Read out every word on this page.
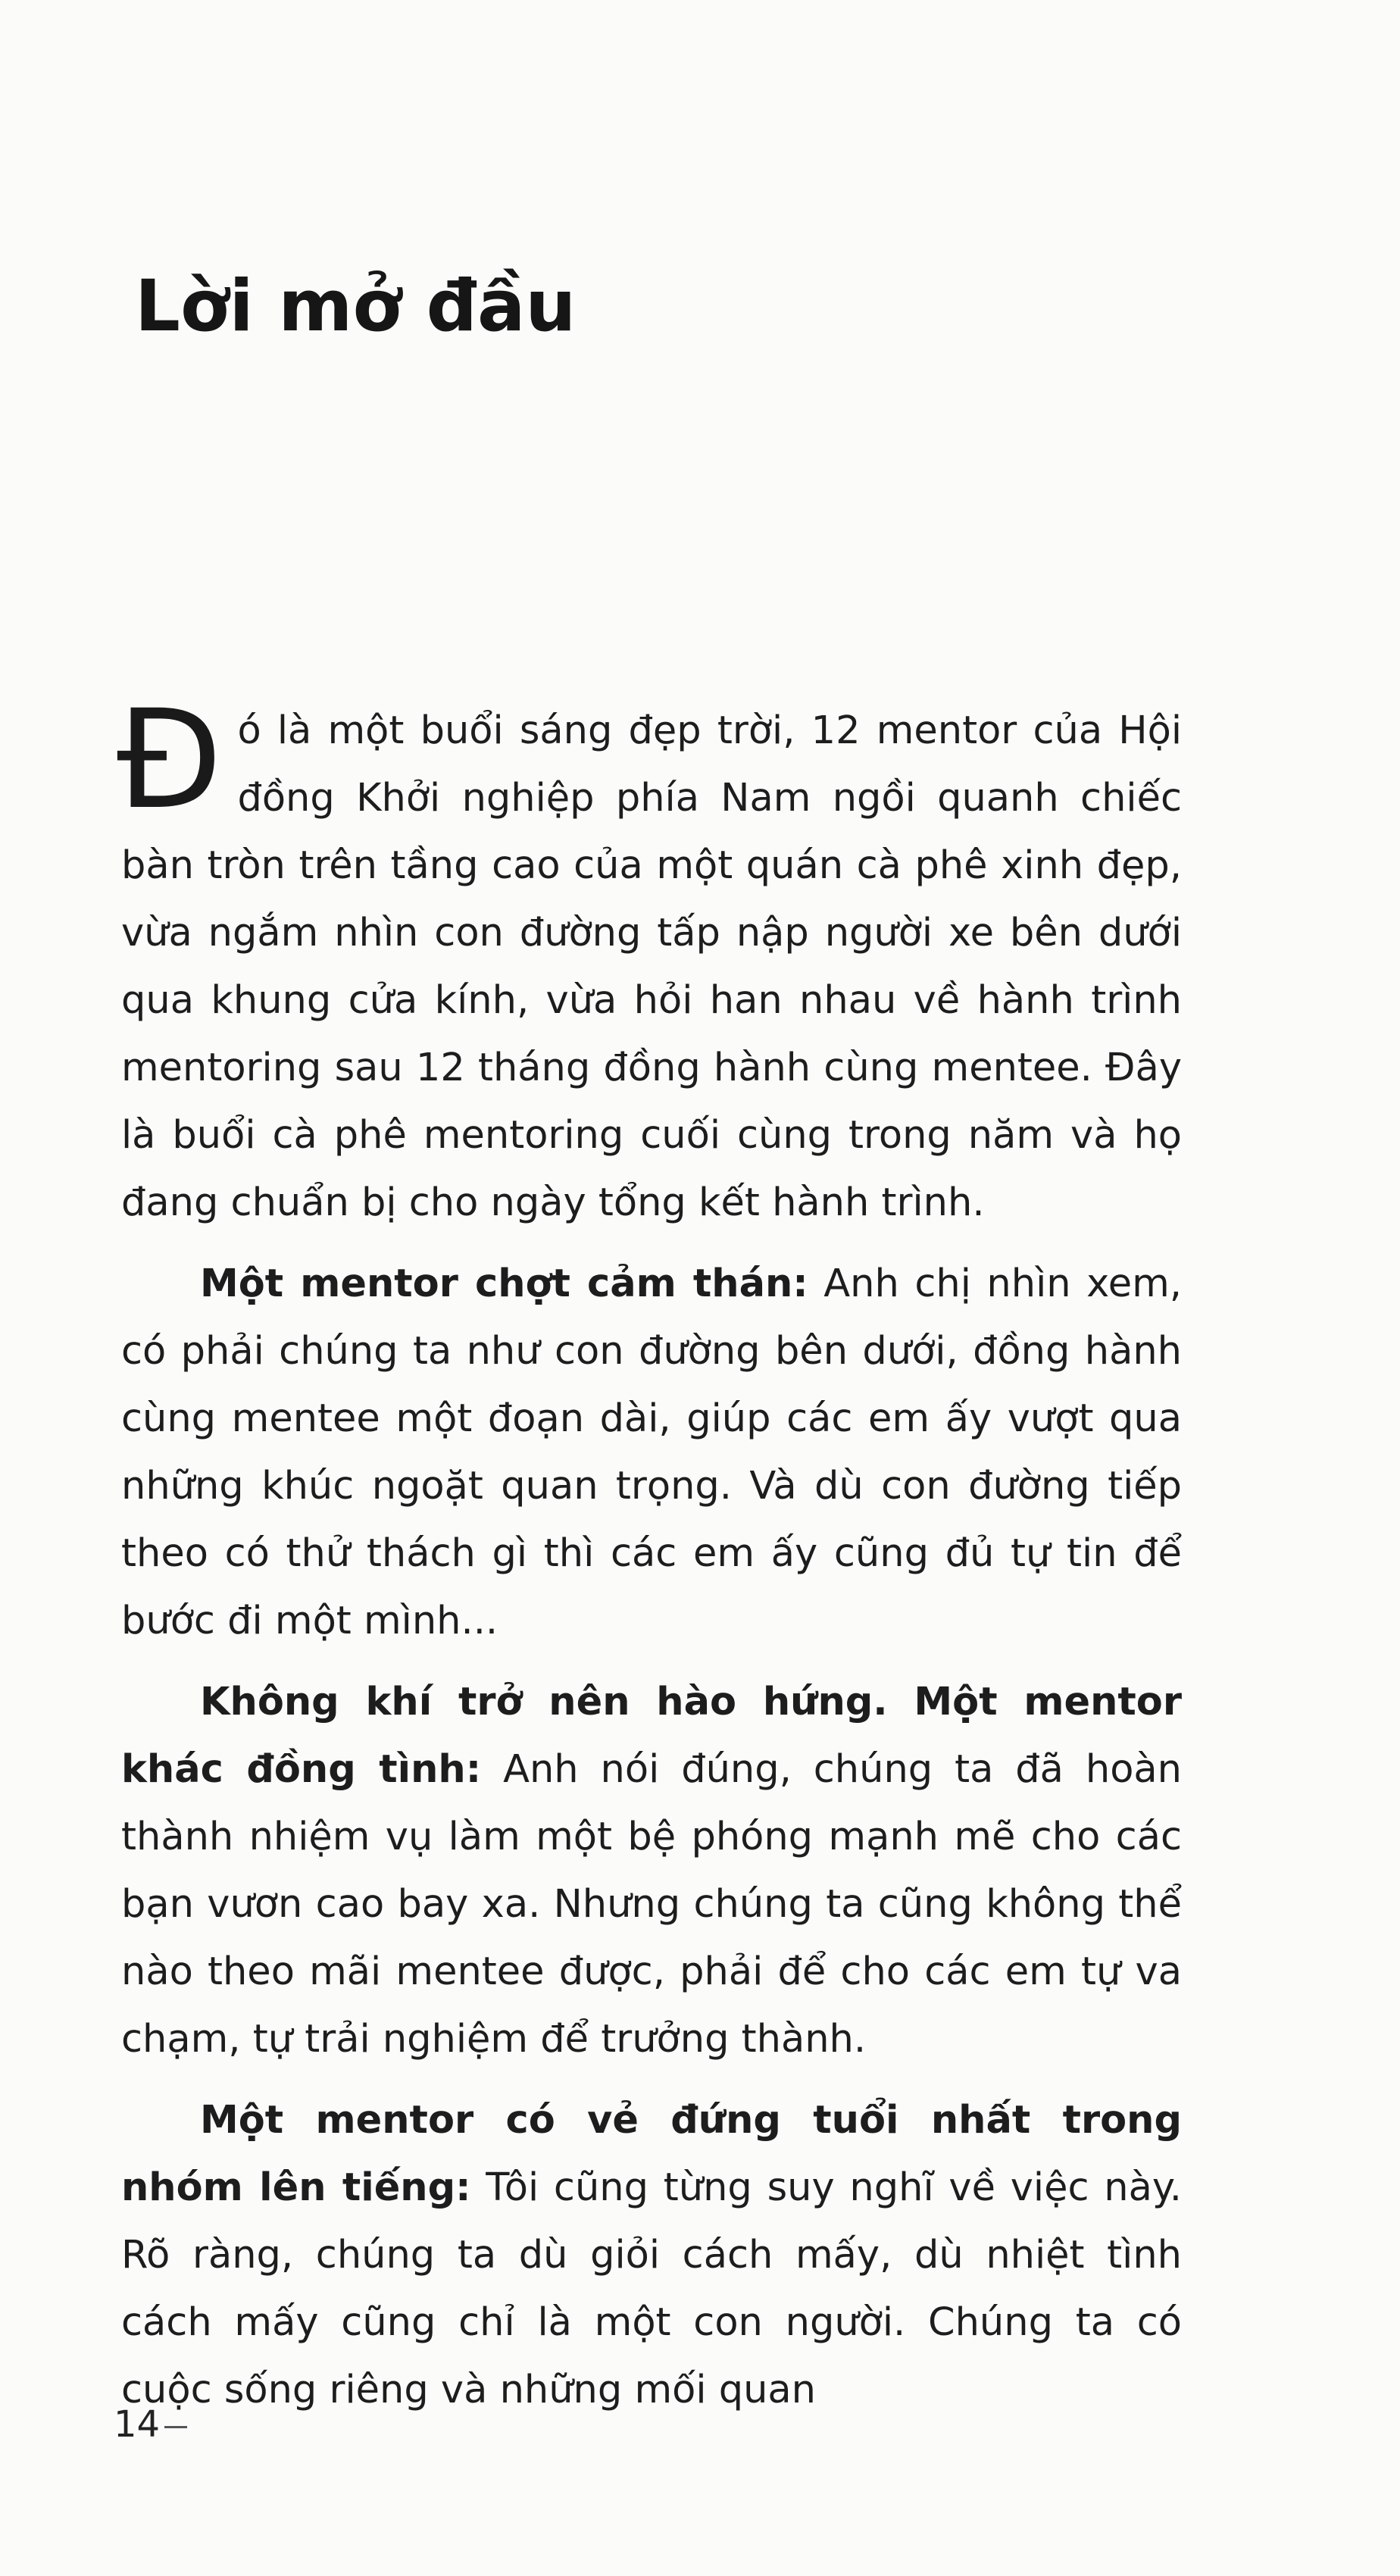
Lời mở đầu

Đó là một buổi sáng đẹp trời, 12 mentor của Hội đồng Khởi nghiệp phía Nam ngồi quanh chiếc bàn tròn trên tầng cao của một quán cà phê xinh đẹp, vừa ngắm nhìn con đường tấp nập người xe bên dưới qua khung cửa kính, vừa hỏi han nhau về hành trình mentoring sau 12 tháng đồng hành cùng mentee. Đây là buổi cà phê mentoring cuối cùng trong năm và họ đang chuẩn bị cho ngày tổng kết hành trình.

Một mentor chợt cảm thán: Anh chị nhìn xem, có phải chúng ta như con đường bên dưới, đồng hành cùng mentee một đoạn dài, giúp các em ấy vượt qua những khúc ngoặt quan trọng. Và dù con đường tiếp theo có thử thách gì thì các em ấy cũng đủ tự tin để bước đi một mình...

Không khí trở nên hào hứng. Một mentor khác đồng tình: Anh nói đúng, chúng ta đã hoàn thành nhiệm vụ làm một bệ phóng mạnh mẽ cho các bạn vươn cao bay xa. Nhưng chúng ta cũng không thể nào theo mãi mentee được, phải để cho các em tự va chạm, tự trải nghiệm để trưởng thành.

Một mentor có vẻ đứng tuổi nhất trong nhóm lên tiếng: Tôi cũng từng suy nghĩ về việc này. Rõ ràng, chúng ta dù giỏi cách mấy, dù nhiệt tình cách mấy cũng chỉ là một con người. Chúng ta có cuộc sống riêng và những mối quan

14
